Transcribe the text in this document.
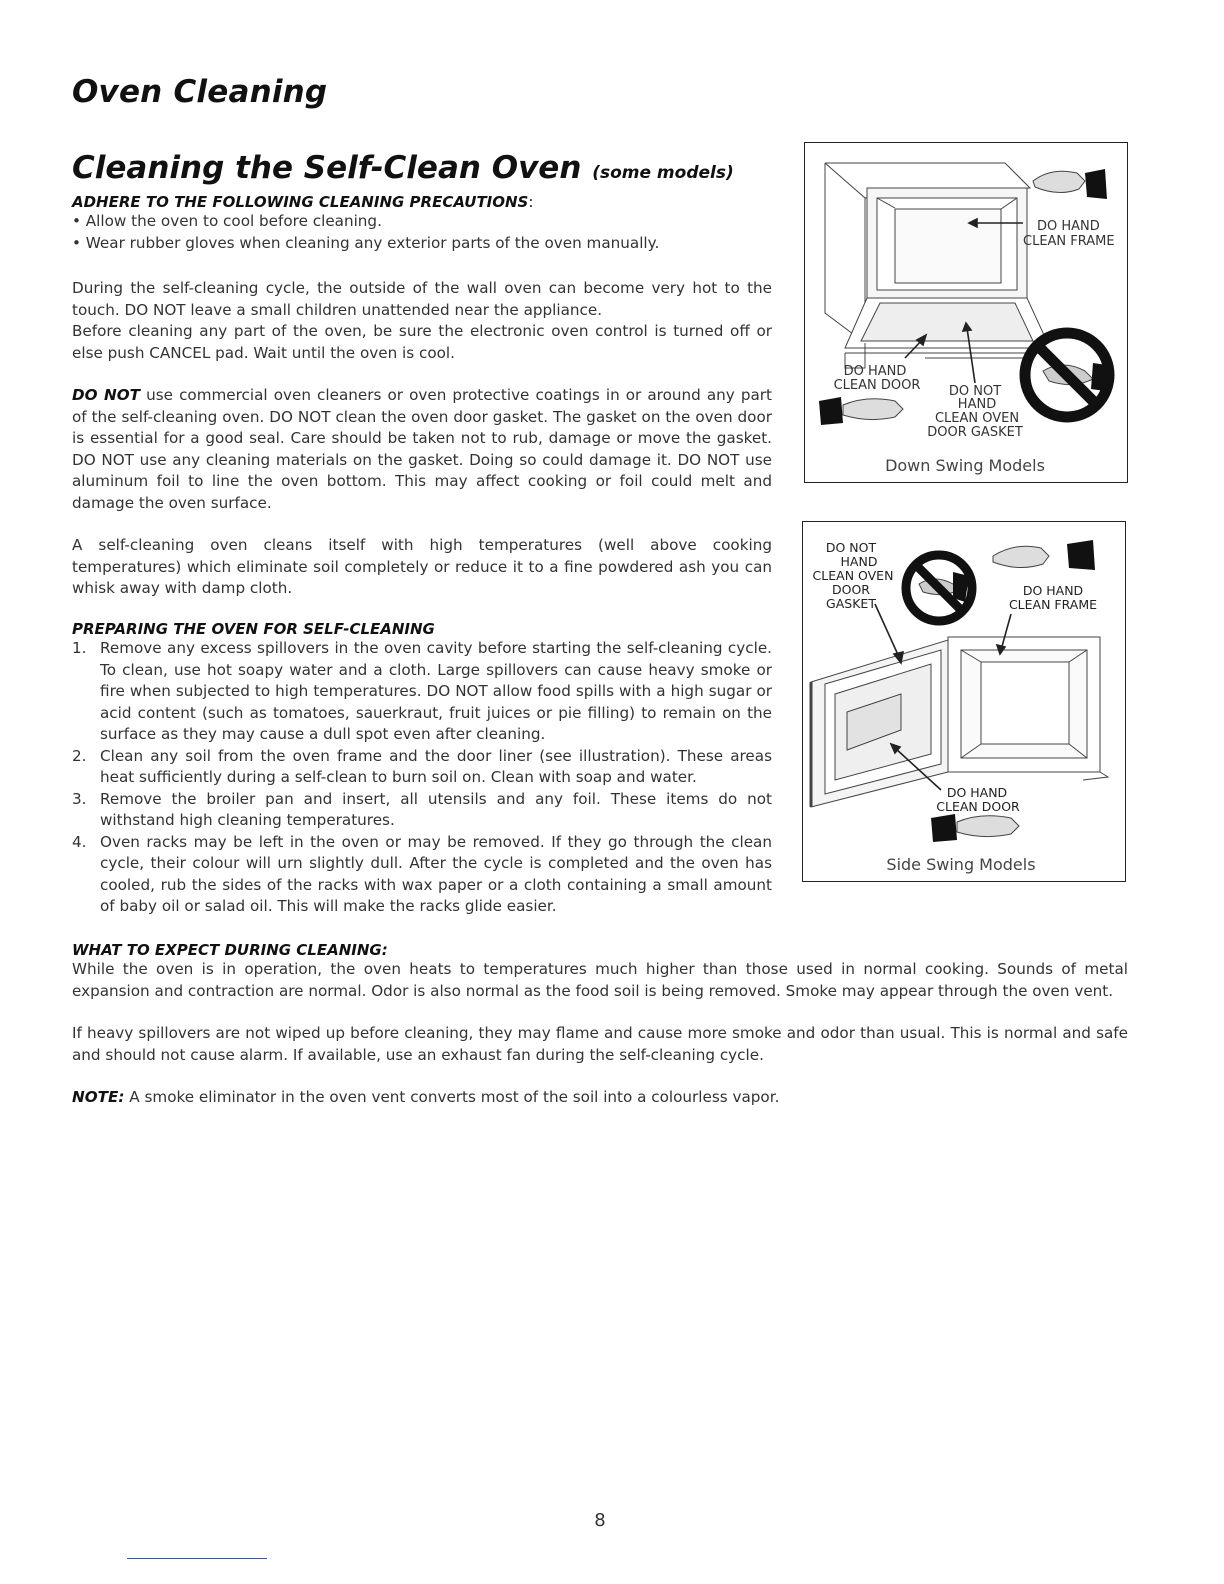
Oven Cleaning
Cleaning the Self-Clean Oven (some models)
ADHERE TO THE FOLLOWING CLEANING PRECAUTIONS:
• Allow the oven to cool before cleaning.
• Wear rubber gloves when cleaning any exterior parts of the oven manually.

During the self-cleaning cycle, the outside of the wall oven can become very hot to the touch. DO NOT leave a small children unattended near the appliance.

Before cleaning any part of the oven, be sure the electronic oven control is turned off or else push CANCEL pad. Wait until the oven is cool.

DO NOT use commercial oven cleaners or oven protective coatings in or around any part of the self-cleaning oven. DO NOT clean the oven door gasket. The gasket on the oven door is essential for a good seal. Care should be taken not to rub, damage or move the gasket. DO NOT use any cleaning materials on the gasket. Doing so could damage it. DO NOT use aluminum foil to line the oven bottom. This may affect cooking or foil could melt and damage the oven surface.
A self-cleaning oven cleans itself with high temperatures (well above cooking temperatures) which eliminate soil completely or reduce it to a fine powdered ash you can whisk away with damp cloth.
PREPARING THE OVEN FOR SELF-CLEANING
1. Remove any excess spillovers in the oven cavity before starting the self-cleaning cycle. To clean, use hot soapy water and a cloth. Large spillovers can cause heavy smoke or fire when subjected to high temperatures. DO NOT allow food spills with a high sugar or acid content (such as tomatoes, sauerkraut, fruit juices or pie filling) to remain on the surface as they may cause a dull spot even after cleaning.
2. Clean any soil from the oven frame and the door liner (see illustration). These areas heat sufficiently during a self-clean to burn soil on. Clean with soap and water.
3. Remove the broiler pan and insert, all utensils and any foil. These items do not withstand high cleaning temperatures.
4. Oven racks may be left in the oven or may be removed. If they go through the clean cycle, their colour will urn slightly dull. After the cycle is completed and the oven has cooled, rub the sides of the racks with wax paper or a cloth containing a small amount of baby oil or salad oil. This will make the racks glide easier.
WHAT TO EXPECT DURING CLEANING:

While the oven is in operation, the oven heats to temperatures much higher than those used in normal cooking. Sounds of metal expansion and contraction are normal. Odor is also normal as the food soil is being removed. Smoke may appear through the oven vent.

If heavy spillovers are not wiped up before cleaning, they may flame and cause more smoke and odor than usual. This is normal and safe and should not cause alarm. If available, use an exhaust fan during the self-cleaning cycle.

NOTE: A smoke eliminator in the oven vent converts most of the soil into a colourless vapor.

DO HAND
CLEAN FRAME
DO HAND
CLEAN DOOR DO NOT
HAND
CLEAN OVEN
DOOR GASKET
Down Swing Models
DO NOT
HAND
CLEAN OVEN
DOOR
GASKET
DO HAND
CLEAN FRAME
DO HAND
CLEAN DOOR
Side Swing Models
8
